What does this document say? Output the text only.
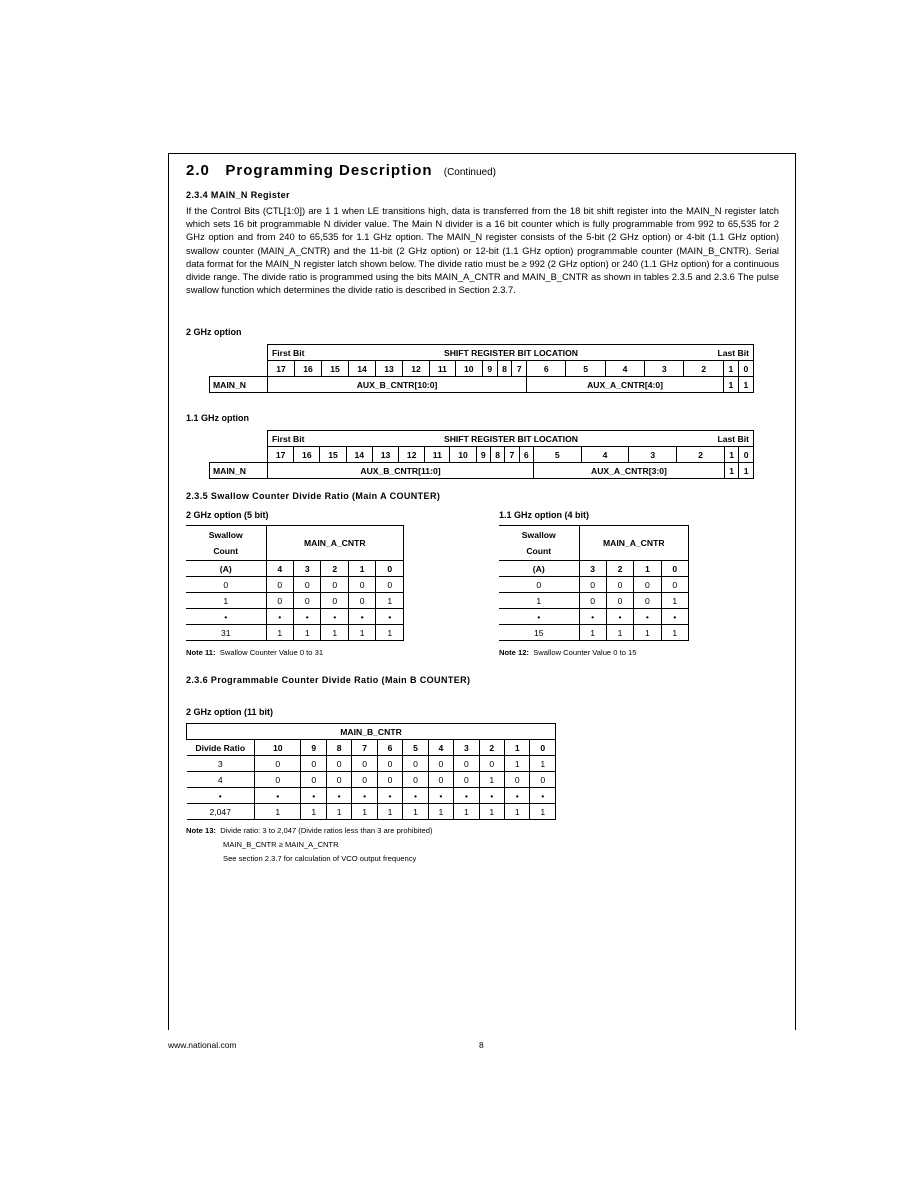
2.0 Programming Description (Continued)
2.3.4 MAIN_N Register
If the Control Bits (CTL[1:0]) are 1 1 when LE transitions high, data is transferred from the 18 bit shift register into the MAIN_N register latch which sets 16 bit programmable N divider value. The Main N divider is a 16 bit counter which is fully programmable from 992 to 65,535 for 2 GHz option and from 240 to 65,535 for 1.1 GHz option. The MAIN_N register consists of the 5-bit (2 GHz option) or 4-bit (1.1 GHz option) swallow counter (MAIN_A_CNTR) and the 11-bit (2 GHz option) or 12-bit (1.1 GHz option) programmable counter (MAIN_B_CNTR). Serial data format for the MAIN_N register latch shown below. The divide ratio must be ≥ 992 (2 GHz option) or 240 (1.1 GHz option) for a continuous divide range. The divide ratio is programmed using the bits MAIN_A_CNTR and MAIN_B_CNTR as shown in tables 2.3.5 and 2.3.6 The pulse swallow function which determines the divide ratio is described in Section 2.3.7.
2 GHz option

	First Bit SHIFT REGISTER BIT LOCATION Last Bit																	

	17	16	15	14	13	12	11	10	9	8	7	6	5	4	3	2	1	0
MAIN_N	AUX_B_CNTR[10:0]											AUX_A_CNTR[4:0]					1	1
1.1 GHz option

	First Bit SHIFT REGISTER BIT LOCATION Last Bit																	

	17	16	15	14	13	12	11	10	9	8	7	6	5	4	3	2	1	0
MAIN_N	AUX_B_CNTR[11:0]												AUX_A_CNTR[3:0]				1	1
2.3.5 Swallow Counter Divide Ratio (Main A COUNTER)
2 GHz option (5 bit)
Swallow
Count	MAIN_A_CNTR				
(A)	4	3	2	1	0
0	0	0	0	0	0
1	0	0	0	0	1
•	•	•	•	•	•
31	1	1	1	1	1
Note 11: Swallow Counter Value 0 to 31
1.1 GHz option (4 bit)
Swallow
Count	MAIN_A_CNTR			
(A)	3	2	1	0
0	0	0	0	0
1	0	0	0	1
•	•	•	•	•
15	1	1	1	1
Note 12: Swallow Counter Value 0 to 15
2.3.6 Programmable Counter Divide Ratio (Main B COUNTER)
2 GHz option (11 bit)
MAIN_B_CNTR											
Divide Ratio	10	9	8	7	6	5	4	3	2	1	0
3	0	0	0	0	0	0	0	0	0	1	1
4	0	0	0	0	0	0	0	0	1	0	0
•	•	•	•	•	•	•	•	•	•	•	•
2,047	1	1	1	1	1	1	1	1	1	1	1
Note 13: Divide ratio: 3 to 2,047 (Divide ratios less than 3 are prohibited)
MAIN_B_CNTR ≥ MAIN_A_CNTR
See section 2.3.7 for calculation of VCO output frequency
www.national.com	8
